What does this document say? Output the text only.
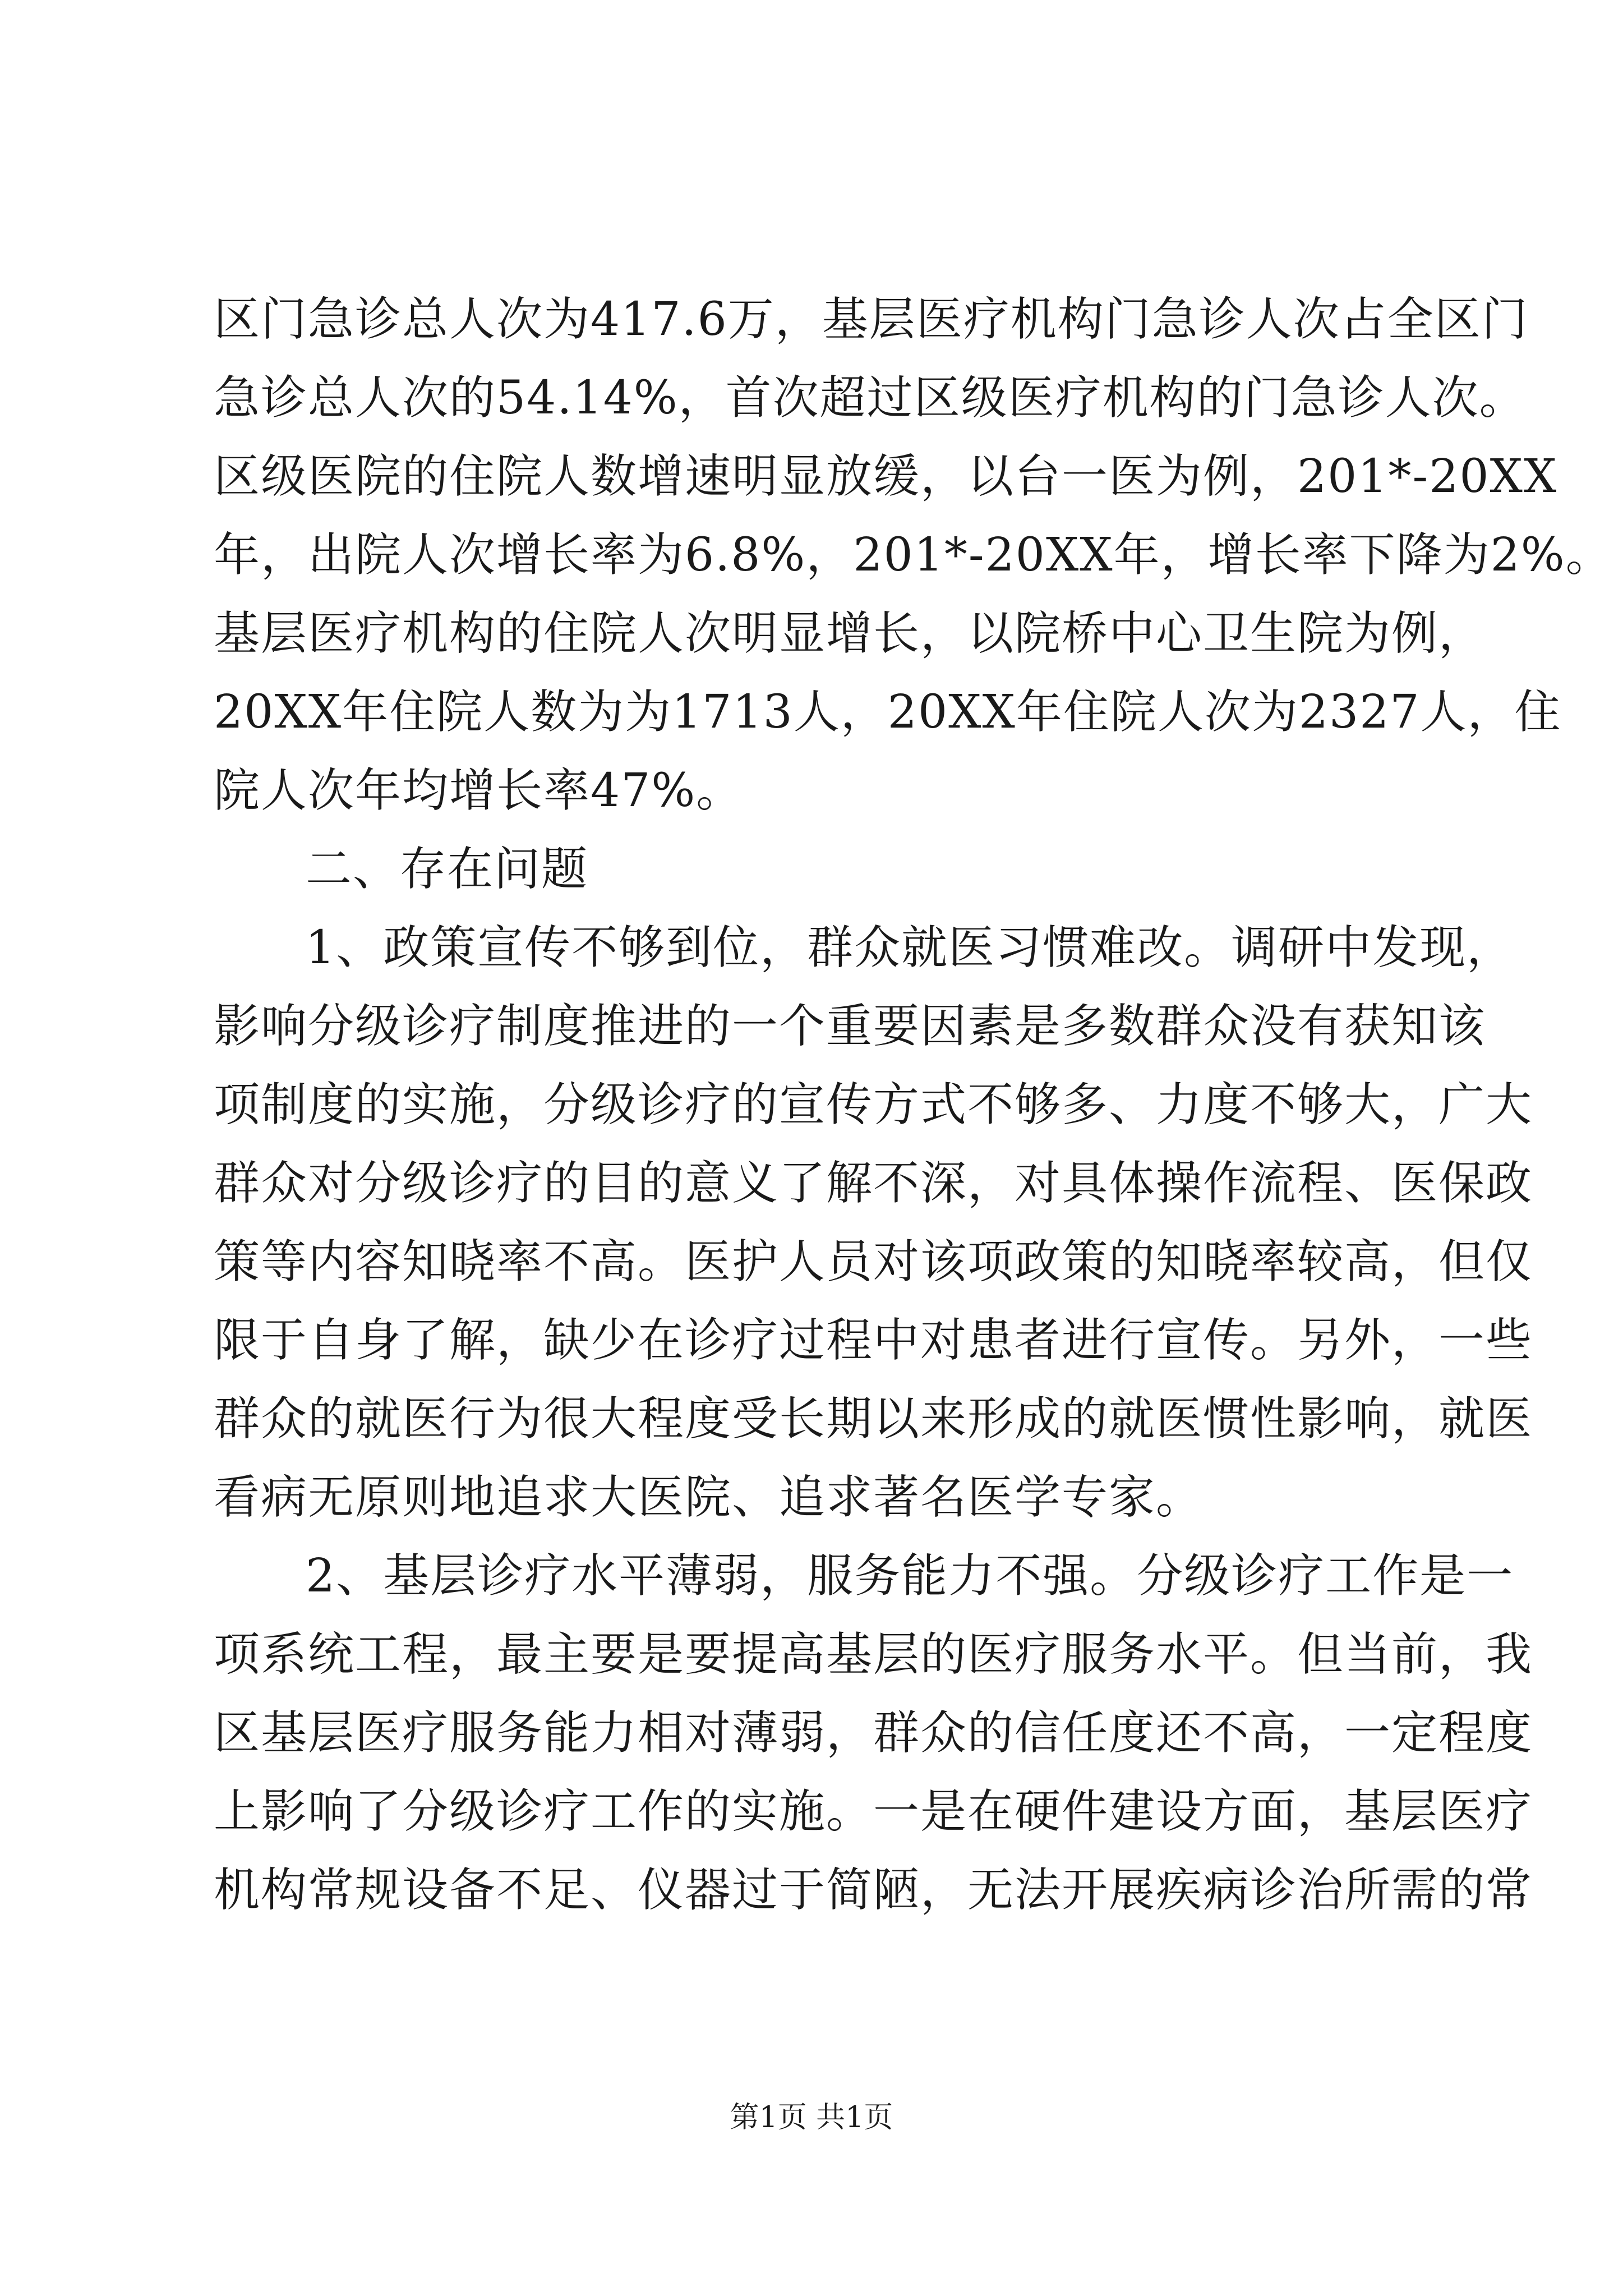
区门急诊总人次为417.6万，基层医疗机构门急诊人次占全区门
急诊总人次的54.14%，首次超过区级医疗机构的门急诊人次。
区级医院的住院人数增速明显放缓，以台一医为例，201*-20XX
年，出院人次增长率为6.8%，201*-20XX年，增长率下降为2%。
基层医疗机构的住院人次明显增长，以院桥中心卫生院为例，
20XX年住院人数为为1713人，20XX年住院人次为2327人，住
院人次年均增长率47%。
二、存在问题
1、政策宣传不够到位，群众就医习惯难改。调研中发现，
影响分级诊疗制度推进的一个重要因素是多数群众没有获知该
项制度的实施，分级诊疗的宣传方式不够多、力度不够大，广大
群众对分级诊疗的目的意义了解不深，对具体操作流程、医保政
策等内容知晓率不高。医护人员对该项政策的知晓率较高，但仅
限于自身了解，缺少在诊疗过程中对患者进行宣传。另外，一些
群众的就医行为很大程度受长期以来形成的就医惯性影响，就医
看病无原则地追求大医院、追求著名医学专家。
2、基层诊疗水平薄弱，服务能力不强。分级诊疗工作是一
项系统工程，最主要是要提高基层的医疗服务水平。但当前，我
区基层医疗服务能力相对薄弱，群众的信任度还不高，一定程度
上影响了分级诊疗工作的实施。一是在硬件建设方面，基层医疗
机构常规设备不足、仪器过于简陋，无法开展疾病诊治所需的常
第1页 共1页
